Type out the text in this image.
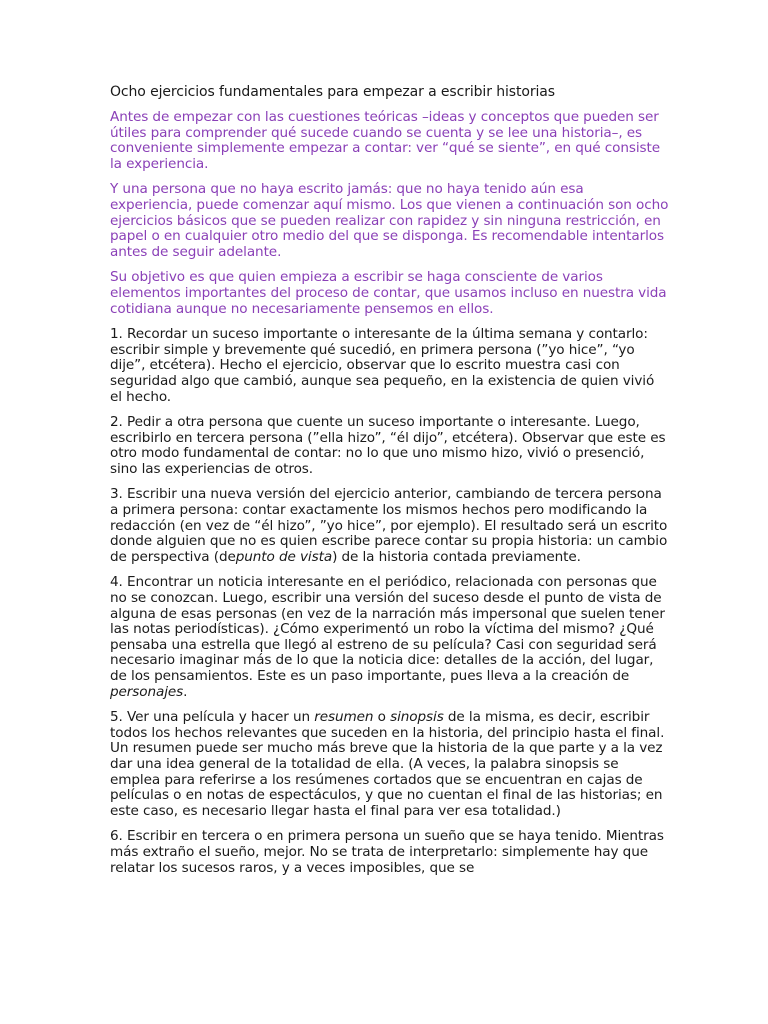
Ocho ejercicios fundamentales para empezar a escribir historias

Antes de empezar con las cuestiones teóricas –ideas y conceptos que pueden ser útiles para comprender qué sucede cuando se cuenta y se lee una historia–, es conveniente simplemente empezar a contar: ver “qué se siente”, en qué consiste la experiencia.

Y una persona que no haya escrito jamás: que no haya tenido aún esa experiencia, puede comenzar aquí mismo. Los que vienen a continuación son ocho ejercicios básicos que se pueden realizar con rapidez y sin ninguna restricción, en papel o en cualquier otro medio del que se disponga. Es recomendable intentarlos antes de seguir adelante.

Su objetivo es que quien empieza a escribir se haga consciente de varios elementos importantes del proceso de contar, que usamos incluso en nuestra vida cotidiana aunque no necesariamente pensemos en ellos.

1. Recordar un suceso importante o interesante de la última semana y contarlo: escribir simple y brevemente qué sucedió, en primera persona (”yo hice”, “yo dije”, etcétera). Hecho el ejercicio, observar que lo escrito muestra casi con seguridad algo que cambió, aunque sea pequeño, en la existencia de quien vivió el hecho.

2. Pedir a otra persona que cuente un suceso importante o interesante. Luego, escribirlo en tercera persona (”ella hizo”, “él dijo”, etcétera). Observar que este es otro modo fundamental de contar: no lo que uno mismo hizo, vivió o presenció, sino las experiencias de otros.

3. Escribir una nueva versión del ejercicio anterior, cambiando de tercera persona a primera persona: contar exactamente los mismos hechos pero modificando la redacción (en vez de “él hizo”, ”yo hice”, por ejemplo). El resultado será un escrito donde alguien que no es quien escribe parece contar su propia historia: un cambio de perspectiva (depunto de vista) de la historia contada previamente.

4. Encontrar un noticia interesante en el periódico, relacionada con personas que no se conozcan. Luego, escribir una versión del suceso desde el punto de vista de alguna de esas personas (en vez de la narración más impersonal que suelen tener las notas periodísticas). ¿Cómo experimentó un robo la víctima del mismo? ¿Qué pensaba una estrella que llegó al estreno de su película? Casi con seguridad será necesario imaginar más de lo que la noticia dice: detalles de la acción, del lugar, de los pensamientos. Este es un paso importante, pues lleva a la creación de personajes.

5. Ver una película y hacer un resumen o sinopsis de la misma, es decir, escribir todos los hechos relevantes que suceden en la historia, del principio hasta el final. Un resumen puede ser mucho más breve que la historia de la que parte y a la vez dar una idea general de la totalidad de ella. (A veces, la palabra sinopsis se emplea para referirse a los resúmenes cortados que se encuentran en cajas de películas o en notas de espectáculos, y que no cuentan el final de las historias; en este caso, es necesario llegar hasta el final para ver esa totalidad.)

6. Escribir en tercera o en primera persona un sueño que se haya tenido. Mientras más extraño el sueño, mejor. No se trata de interpretarlo: simplemente hay que relatar los sucesos raros, y a veces imposibles, que se
